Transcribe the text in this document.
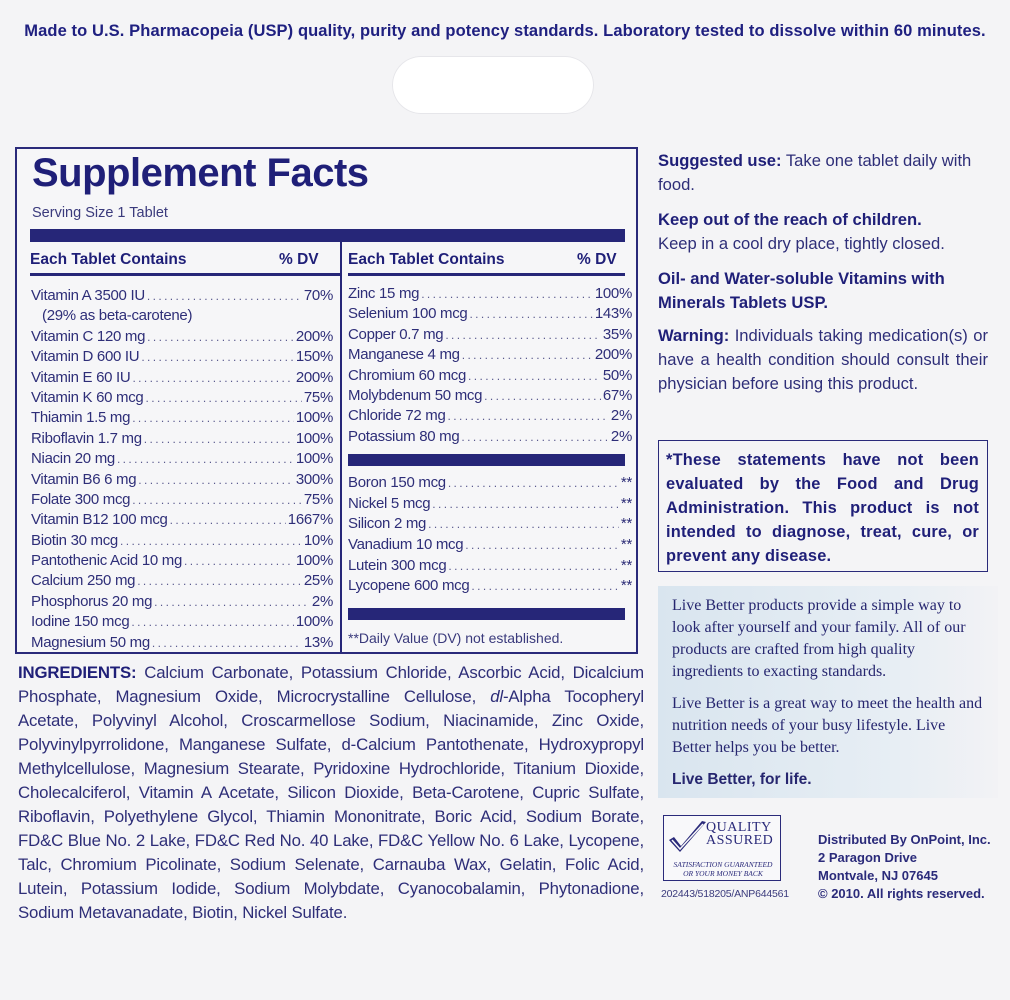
Made to U.S. Pharmacopeia (USP) quality, purity and potency standards. Laboratory tested to dissolve within 60 minutes.
Supplement Facts
Serving Size 1 Tablet
Each Tablet Contains	% DV Each Tablet Contains	% DV
Vitamin A 3500 IU .....	70%
(29% as beta-carotene)
Vitamin C 120 mg .....	200%
Vitamin D 600 IU .....	150%
Vitamin E 60 IU .....	200%
Vitamin K 60 mcg .....	75%
Thiamin 1.5 mg .....	100%
Riboflavin 1.7 mg .....	100%
Niacin 20 mg .....	100%
Vitamin B6 6 mg .....	300%
Folate 300 mcg .....	75%
Vitamin B12 100 mcg .....	1667%
Biotin 30 mcg .....	10%
Pantothenic Acid 10 mg .....	100%
Calcium 250 mg .....	25%
Phosphorus 20 mg .....	2%
Iodine 150 mcg .....	100%
Magnesium 50 mg .....	13%
Zinc 15 mg .....	100%
Selenium 100 mcg .....	143%
Copper 0.7 mg .....	35%
Manganese 4 mg .....	200%
Chromium 60 mcg .....	50%
Molybdenum 50 mcg .....	67%
Chloride 72 mg .....	2%
Potassium 80 mg .....	2%
Boron 150 mcg .....	**
Nickel 5 mcg .....	**
Silicon 2 mg .....	**
Vanadium 10 mcg .....	**
Lutein 300 mcg .....	**
Lycopene 600 mcg .....	**
**Daily Value (DV) not established.
INGREDIENTS: Calcium Carbonate, Potassium Chloride, Ascorbic Acid, Dicalcium Phosphate, Magnesium Oxide, Microcrystalline Cellulose, dl-Alpha Tocopheryl Acetate, Polyvinyl Alcohol, Croscarmellose Sodium, Niacinamide, Zinc Oxide, Polyvinylpyrrolidone, Manganese Sulfate, d-Calcium Pantothenate, Hydroxypropyl Methylcellulose, Magnesium Stearate, Pyridoxine Hydrochloride, Titanium Dioxide, Cholecalciferol, Vitamin A Acetate, Silicon Dioxide, Beta-Carotene, Cupric Sulfate, Riboflavin, Polyethylene Glycol, Thiamin Mononitrate, Boric Acid, Sodium Borate, FD&C Blue No. 2 Lake, FD&C Red No. 40 Lake, FD&C Yellow No. 6 Lake, Lycopene, Talc, Chromium Picolinate, Sodium Selenate, Carnauba Wax, Gelatin, Folic Acid, Lutein, Potassium Iodide, Sodium Molybdate, Cyanocobalamin, Phytonadione, Sodium Metavanadate, Biotin, Nickel Sulfate.
Suggested use: Take one tablet daily with food.
Keep out of the reach of children.
Keep in a cool dry place, tightly closed.
Oil- and Water-soluble Vitamins with Minerals Tablets USP.
Warning: Individuals taking medication(s) or have a health condition should consult their physician before using this product.
*These statements have not been evaluated by the Food and Drug Administration. This product is not intended to diagnose, treat, cure, or prevent any disease.

Live Better products provide a simple way to look after yourself and your family. All of our products are crafted from high quality ingredients to exacting standards.

Live Better is a great way to meet the health and nutrition needs of your busy lifestyle. Live Better helps you be better.

Live Better, for life.

QUALITY
ASSURED
SATISFACTION GUARANTEED
OR YOUR MONEY BACK
202443/518205/ANP644561
Distributed By OnPoint, Inc.
2 Paragon Drive
Montvale, NJ 07645
© 2010. All rights reserved.
